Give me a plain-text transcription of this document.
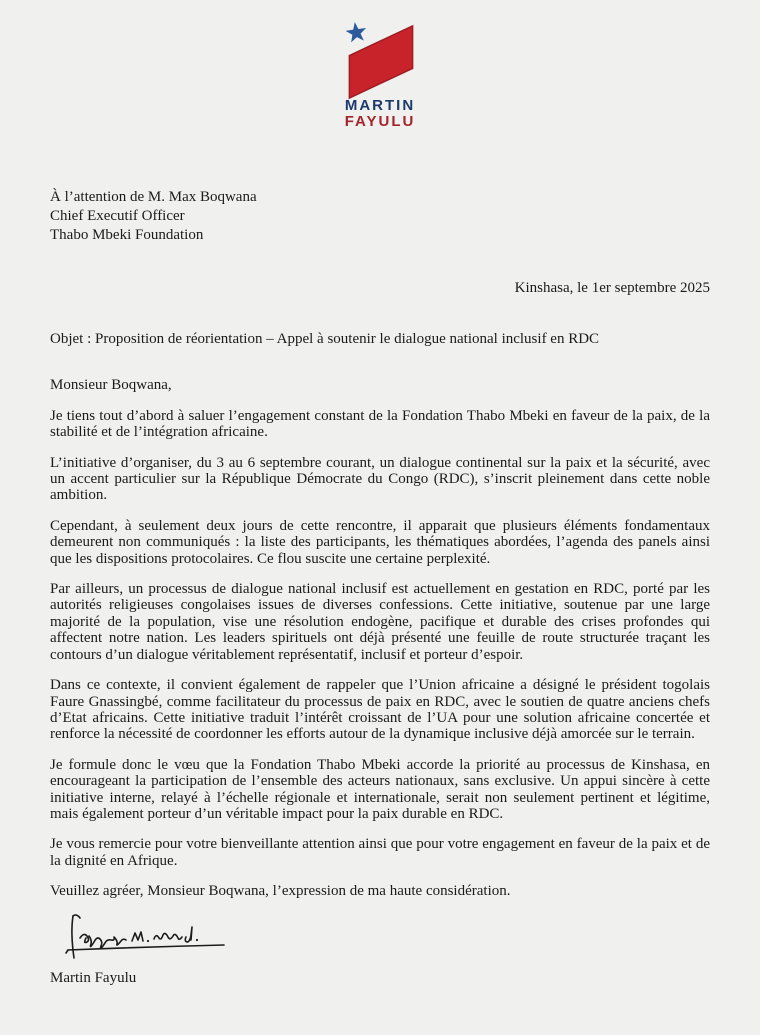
MARTIN
FAYULU
À l’attention de M. Max Boqwana
Chief Executif Officer
Thabo Mbeki Foundation
Kinshasa, le 1er septembre 2025
Objet : Proposition de réorientation – Appel à soutenir le dialogue national inclusif en RDC
Monsieur Boqwana,

Je tiens tout d’abord à saluer l’engagement constant de la Fondation Thabo Mbeki en faveur de la paix, de la stabilité et de l’intégration africaine.

L’initiative d’organiser, du 3 au 6 septembre courant, un dialogue continental sur la paix et la sécurité, avec un accent particulier sur la République Démocrate du Congo (RDC), s’inscrit pleinement dans cette noble ambition.

Cependant, à seulement deux jours de cette rencontre, il apparait que plusieurs éléments fondamentaux demeurent non communiqués : la liste des participants, les thématiques abordées, l’agenda des panels ainsi que les dispositions protocolaires. Ce flou suscite une certaine perplexité.

Par ailleurs, un processus de dialogue national inclusif est actuellement en gestation en RDC, porté par les autorités religieuses congolaises issues de diverses confessions. Cette initiative, soutenue par une large majorité de la population, vise une résolution endogène, pacifique et durable des crises profondes qui affectent notre nation. Les leaders spirituels ont déjà présenté une feuille de route structurée traçant les contours d’un dialogue véritablement représentatif, inclusif et porteur d’espoir.

Dans ce contexte, il convient également de rappeler que l’Union africaine a désigné le président togolais Faure Gnassingbé, comme facilitateur du processus de paix en RDC, avec le soutien de quatre anciens chefs d’Etat africains. Cette initiative traduit l’intérêt croissant de l’UA pour une solution africaine concertée et renforce la nécessité de coordonner les efforts autour de la dynamique inclusive déjà amorcée sur le terrain.

Je formule donc le vœu que la Fondation Thabo Mbeki accorde la priorité au processus de Kinshasa, en encourageant la participation de l’ensemble des acteurs nationaux, sans exclusive. Un appui sincère à cette initiative interne, relayé à l’échelle régionale et internationale, serait non seulement pertinent et légitime, mais également porteur d’un véritable impact pour la paix durable en RDC.

Je vous remercie pour votre bienveillante attention ainsi que pour votre engagement en faveur de la paix et de la dignité en Afrique.

Veuillez agréer, Monsieur Boqwana, l’expression de ma haute considération.

Martin Fayulu
